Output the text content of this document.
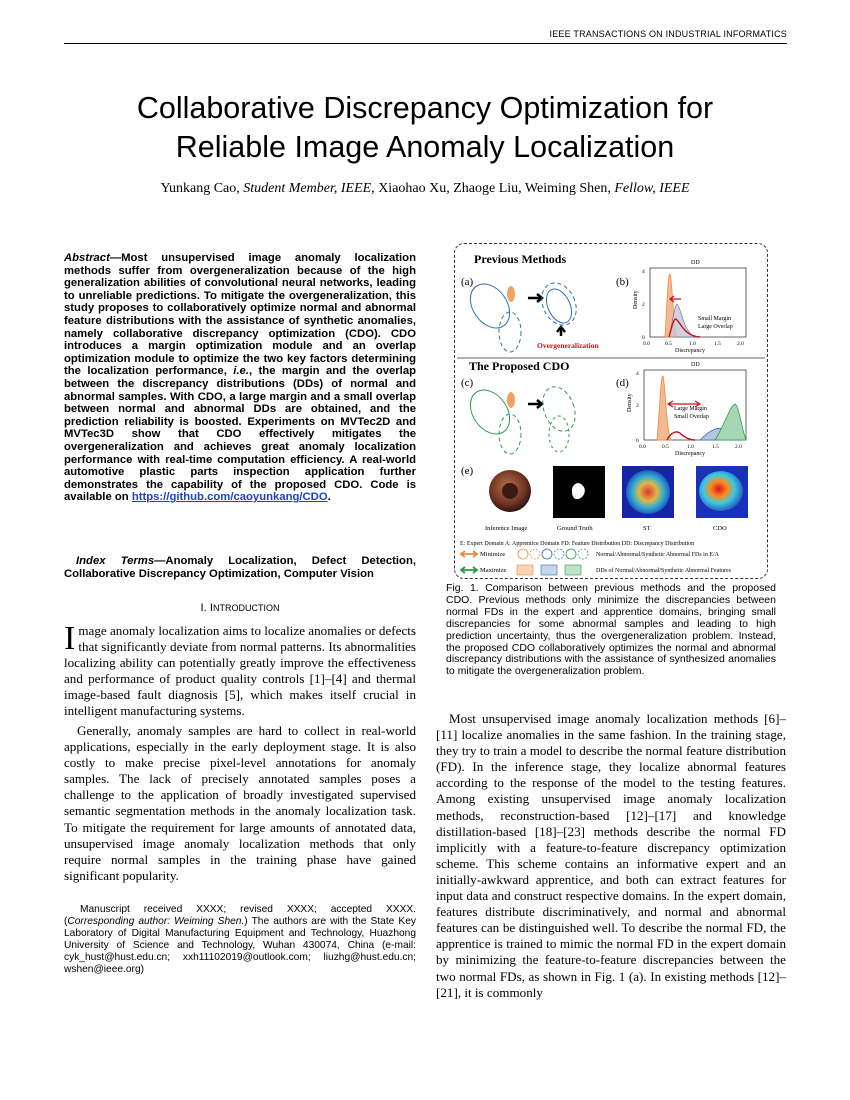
IEEE TRANSACTIONS ON INDUSTRIAL INFORMATICS
Collaborative Discrepancy Optimization for
Reliable Image Anomaly Localization
Yunkang Cao, Student Member, IEEE, Xiaohao Xu, Zhaoge Liu, Weiming Shen, Fellow, IEEE
Abstract—Most unsupervised image anomaly localization methods suffer from overgeneralization because of the high generalization abilities of convolutional neural networks, leading to unreliable predictions. To mitigate the overgeneralization, this study proposes to collaboratively optimize normal and abnormal feature distributions with the assistance of synthetic anomalies, namely collaborative discrepancy optimization (CDO). CDO introduces a margin optimization module and an overlap optimization module to optimize the two key factors determining the localization performance, i.e., the margin and the overlap between the discrepancy distributions (DDs) of normal and abnormal samples. With CDO, a large margin and a small overlap between normal and abnormal DDs are obtained, and the prediction reliability is boosted. Experiments on MVTec2D and MVTec3D show that CDO effectively mitigates the overgeneralization and achieves great anomaly localization performance with real-time computation efficiency. A real-world automotive plastic parts inspection application further demonstrates the capability of the proposed CDO. Code is available on https://github.com/caoyunkang/CDO.
Index Terms—Anomaly Localization, Defect Detection, Collaborative Discrepancy Optimization, Computer Vision
I. INTRODUCTION
Image anomaly localization aims to localize anomalies or defects that significantly deviate from normal patterns. Its abnormalities localizing ability can potentially greatly improve the effectiveness and performance of product quality controls [1]–[4] and thermal image-based fault diagnosis [5], which makes itself crucial in intelligent manufacturing systems.
Generally, anomaly samples are hard to collect in real-world applications, especially in the early deployment stage. It is also costly to make precise pixel-level annotations for anomaly samples. The lack of precisely annotated samples poses a challenge to the application of broadly investigated supervised semantic segmentation methods in the anomaly localization task. To mitigate the requirement for large amounts of annotated data, unsupervised image anomaly localization methods that only require normal samples in the training phase have gained significant popularity.
Manuscript received XXXX; revised XXXX; accepted XXXX. (Corresponding author: Weiming Shen.) The authors are with the State Key Laboratory of Digital Manufacturing Equipment and Technology, Huazhong University of Science and Technology, Wuhan 430074, China (e-mail: cyk_hust@hust.edu.cn; xxh11102019@outlook.com; liuzhg@hust.edu.cn; wshen@ieee.org)
Previous Methods
(a)
Overgeneralization
(b)
DD
4
2
0
Density
0.0	0.5	1.0	1.5	2.0
Discrepancy
Small Margin
Large Overlap
The Proposed CDO
(c)	(d)
DD
4
2
0
Density
0.0	0.5	1.0	1.5	2.0
Discrepancy
Large Margin
Small Overlap
(e)
Inference Image	Ground Truth	ST	CDO
E: Expert Domain A: Apprentice Domain FD: Feature Distribution DD: Discrepancy Distribution
Minimize	Normal/Abnormal/Synthetic Abnormal FDs in E/A
Maximize	DDs of Normal/Abnormal/Synthetic Abnormal Features
Fig. 1. Comparison between previous methods and the proposed CDO. Previous methods only minimize the discrepancies between normal FDs in the expert and apprentice domains, bringing small discrepancies for some abnormal samples and leading to high prediction uncertainty, thus the overgeneralization problem. Instead, the proposed CDO collaboratively optimizes the normal and abnormal discrepancy distributions with the assistance of synthesized anomalies to mitigate the overgeneralization problem.
Most unsupervised image anomaly localization methods [6]–[11] localize anomalies in the same fashion. In the training stage, they try to train a model to describe the normal feature distribution (FD). In the inference stage, they localize abnormal features according to the response of the model to the testing features. Among existing unsupervised image anomaly localization methods, reconstruction-based [12]–[17] and knowledge distillation-based [18]–[23] methods describe the normal FD implicitly with a feature-to-feature discrepancy optimization scheme. This scheme contains an informative expert and an initially-awkward apprentice, and both can extract features for input data and construct respective domains. In the expert domain, features distribute discriminatively, and normal and abnormal features can be distinguished well. To describe the normal FD, the apprentice is trained to mimic the normal FD in the expert domain by minimizing the feature-to-feature discrepancies between the two normal FDs, as shown in Fig. 1 (a). In existing methods [12]–[21], it is commonly
